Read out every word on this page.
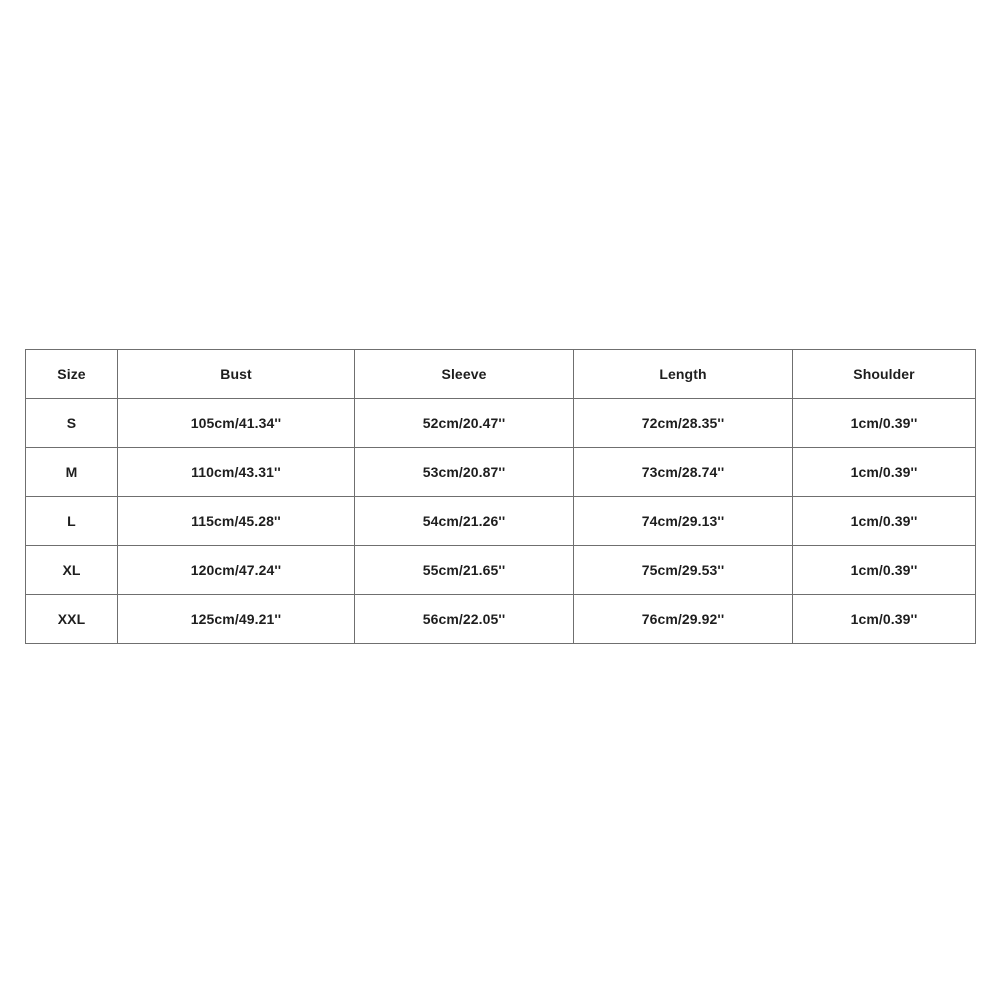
Size	Bust	Sleeve	Length	Shoulder
S	105cm/41.34''	52cm/20.47''	72cm/28.35''	1cm/0.39''
M	110cm/43.31''	53cm/20.87''	73cm/28.74''	1cm/0.39''
L	115cm/45.28''	54cm/21.26''	74cm/29.13''	1cm/0.39''
XL	120cm/47.24''	55cm/21.65''	75cm/29.53''	1cm/0.39''
XXL	125cm/49.21''	56cm/22.05''	76cm/29.92''	1cm/0.39''
